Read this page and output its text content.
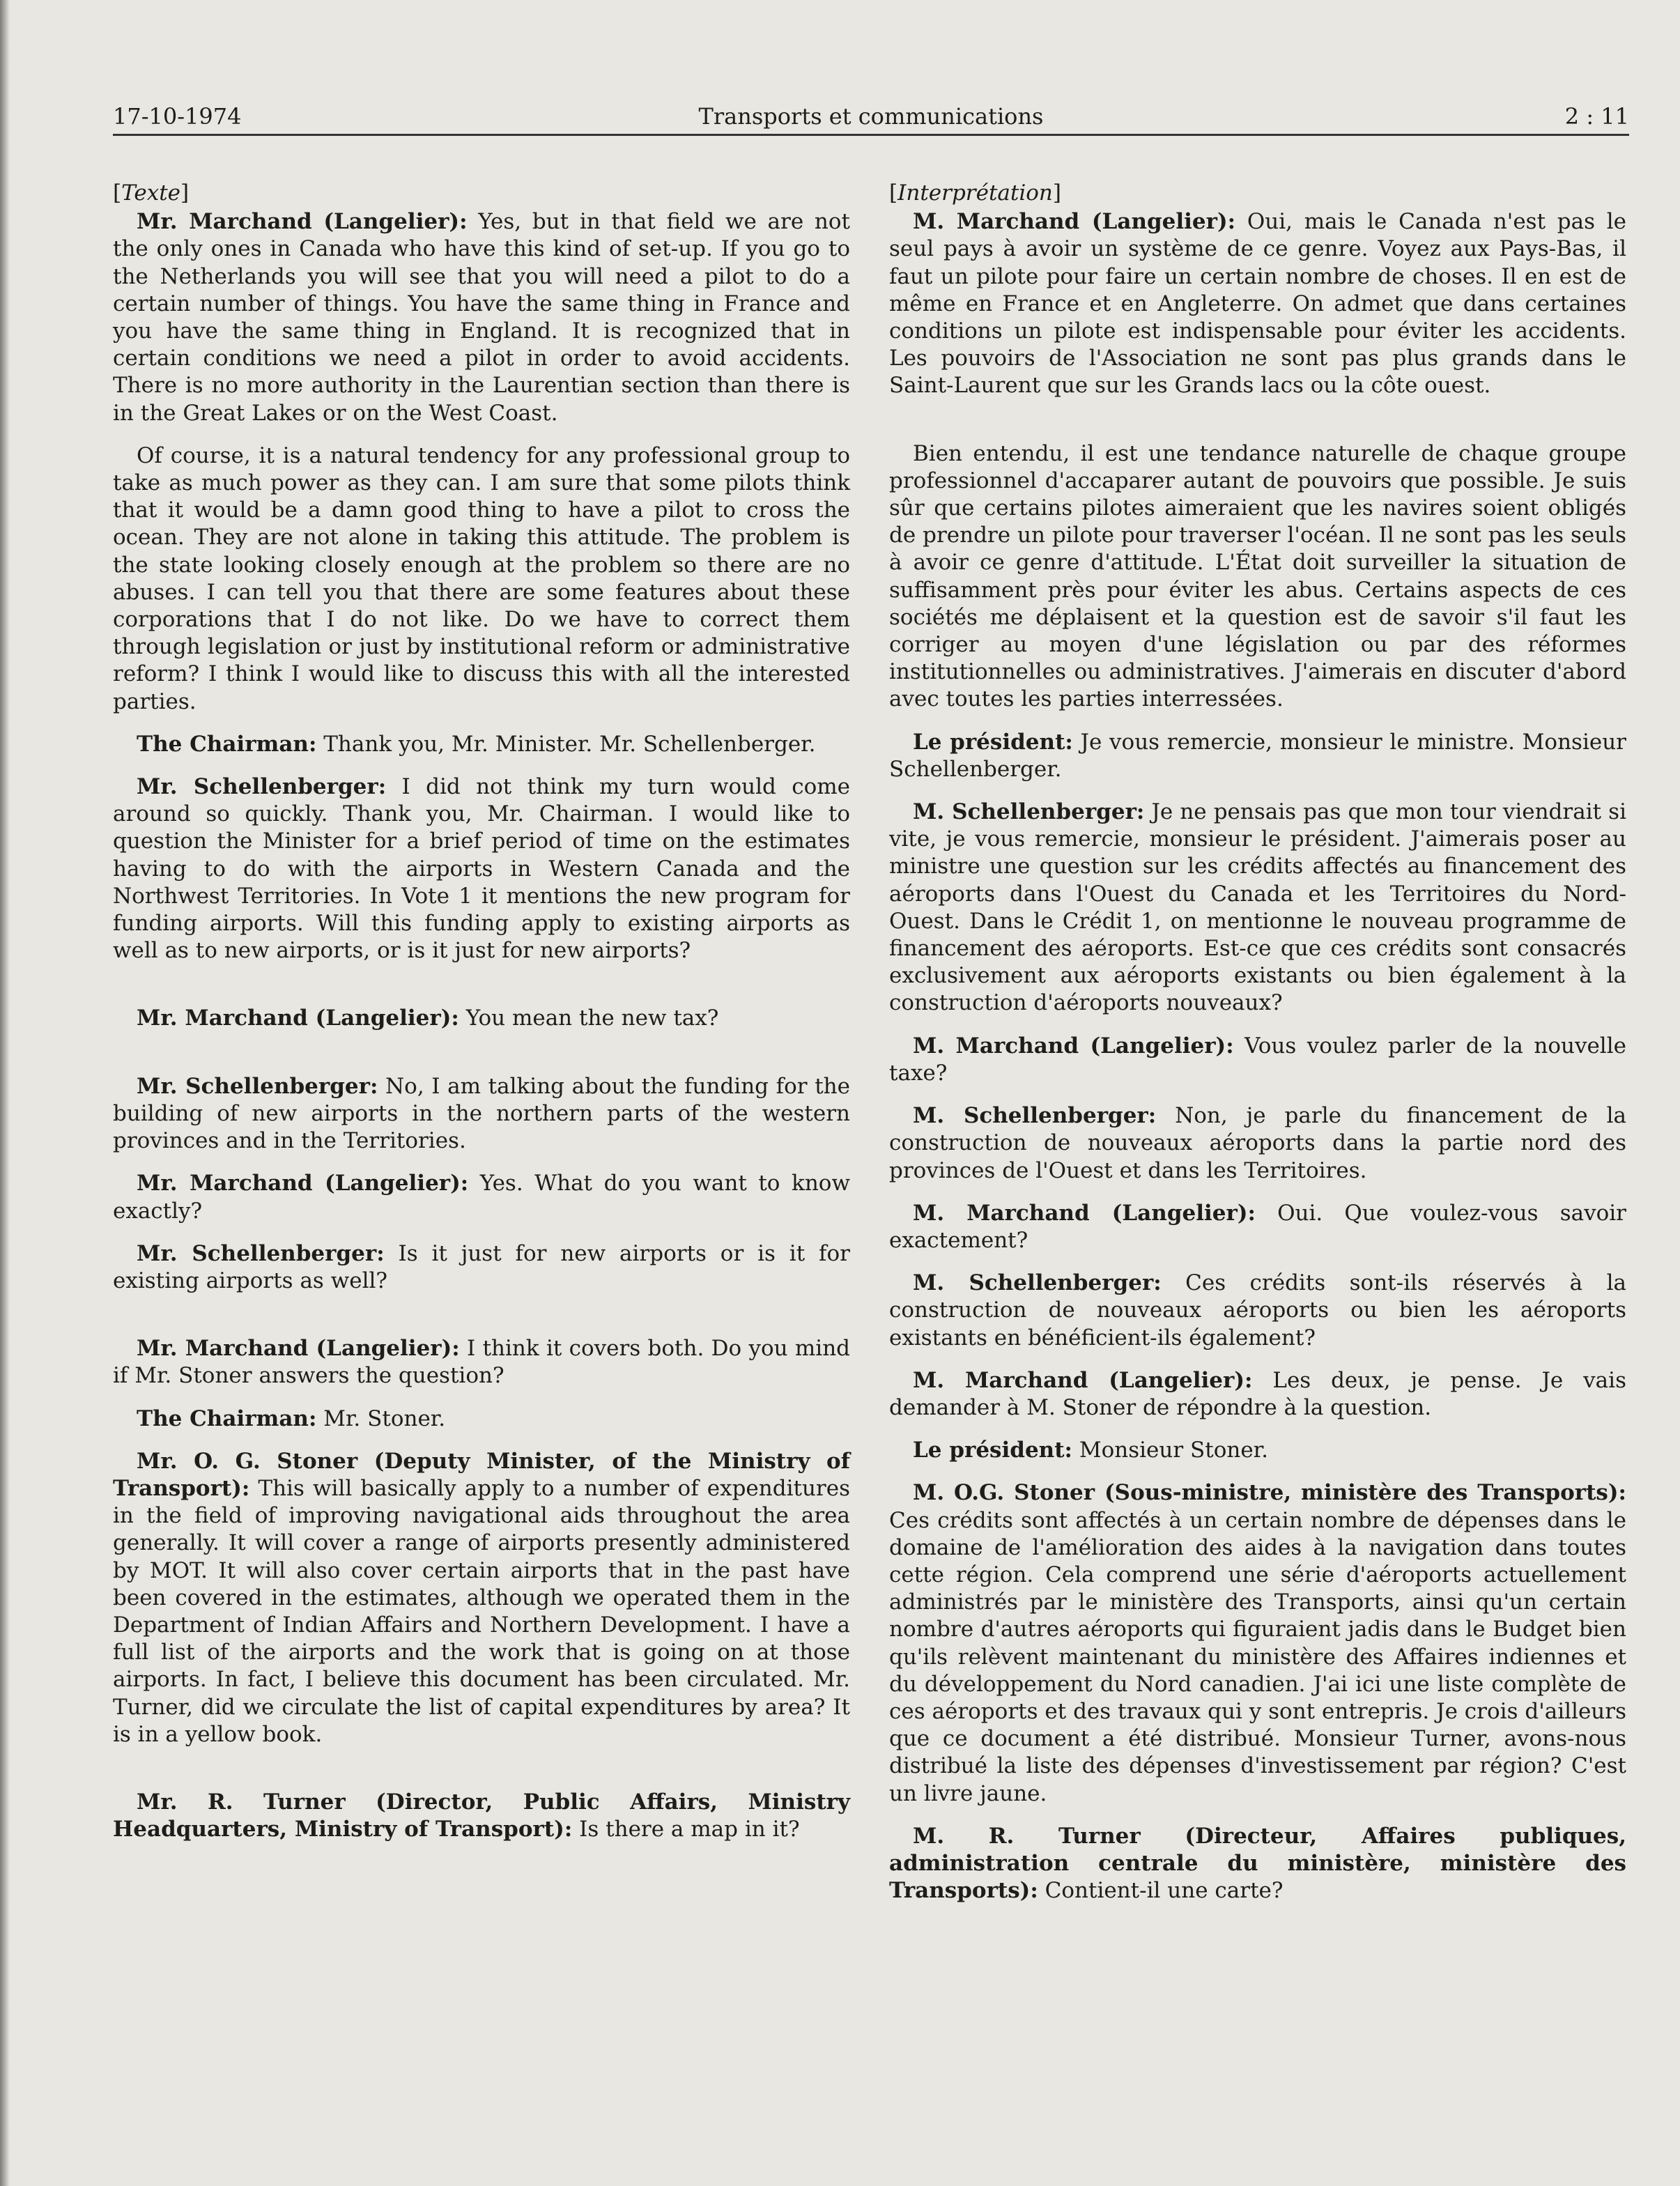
17-10-1974	Transports et communications	2 : 11
[Texte]

Mr. Marchand (Langelier): Yes, but in that field we are not the only ones in Canada who have this kind of set-up. If you go to the Netherlands you will see that you will need a pilot to do a certain number of things. You have the same thing in France and you have the same thing in England. It is recognized that in certain conditions we need a pilot in order to avoid accidents. There is no more authority in the Laurentian section than there is in the Great Lakes or on the West Coast.

Of course, it is a natural tendency for any professional group to take as much power as they can. I am sure that some pilots think that it would be a damn good thing to have a pilot to cross the ocean. They are not alone in taking this attitude. The problem is the state looking closely enough at the problem so there are no abuses. I can tell you that there are some features about these corporations that I do not like. Do we have to correct them through legislation or just by institutional reform or administrative reform? I think I would like to discuss this with all the interested parties.

The Chairman: Thank you, Mr. Minister. Mr. Schellenberger.

Mr. Schellenberger: I did not think my turn would come around so quickly. Thank you, Mr. Chairman. I would like to question the Minister for a brief period of time on the estimates having to do with the airports in Western Canada and the Northwest Territories. In Vote 1 it mentions the new program for funding airports. Will this funding apply to existing airports as well as to new airports, or is it just for new airports?

Mr. Marchand (Langelier): You mean the new tax?

Mr. Schellenberger: No, I am talking about the funding for the building of new airports in the northern parts of the western provinces and in the Territories.

Mr. Marchand (Langelier): Yes. What do you want to know exactly?

Mr. Schellenberger: Is it just for new airports or is it for existing airports as well?

Mr. Marchand (Langelier): I think it covers both. Do you mind if Mr. Stoner answers the question?

The Chairman: Mr. Stoner.

Mr. O. G. Stoner (Deputy Minister, of the Ministry of Transport): This will basically apply to a number of expenditures in the field of improving navigational aids throughout the area generally. It will cover a range of airports presently administered by MOT. It will also cover certain airports that in the past have been covered in the estimates, although we operated them in the Department of Indian Affairs and Northern Development. I have a full list of the airports and the work that is going on at those airports. In fact, I believe this document has been circulated. Mr. Turner, did we circulate the list of capital expenditures by area? It is in a yellow book.

Mr. R. Turner (Director, Public Affairs, Ministry Headquarters, Ministry of Transport): Is there a map in it?

[Interprétation]

M. Marchand (Langelier): Oui, mais le Canada n'est pas le seul pays à avoir un système de ce genre. Voyez aux Pays-Bas, il faut un pilote pour faire un certain nombre de choses. Il en est de même en France et en Angleterre. On admet que dans certaines conditions un pilote est indispensable pour éviter les accidents. Les pouvoirs de l'Association ne sont pas plus grands dans le Saint-Laurent que sur les Grands lacs ou la côte ouest.

Bien entendu, il est une tendance naturelle de chaque groupe professionnel d'accaparer autant de pouvoirs que possible. Je suis sûr que certains pilotes aimeraient que les navires soient obligés de prendre un pilote pour traverser l'océan. Il ne sont pas les seuls à avoir ce genre d'attitude. L'État doit surveiller la situation de suffisamment près pour éviter les abus. Certains aspects de ces sociétés me déplaisent et la question est de savoir s'il faut les corriger au moyen d'une législation ou par des réformes institutionnelles ou administratives. J'aimerais en discuter d'abord avec toutes les parties interressées.

Le président: Je vous remercie, monsieur le ministre. Monsieur Schellenberger.

M. Schellenberger: Je ne pensais pas que mon tour viendrait si vite, je vous remercie, monsieur le président. J'aimerais poser au ministre une question sur les crédits affectés au financement des aéroports dans l'Ouest du Canada et les Territoires du Nord-Ouest. Dans le Crédit 1, on mentionne le nouveau programme de financement des aéroports. Est-ce que ces crédits sont consacrés exclusivement aux aéroports existants ou bien également à la construction d'aéroports nouveaux?

M. Marchand (Langelier): Vous voulez parler de la nouvelle taxe?

M. Schellenberger: Non, je parle du financement de la construction de nouveaux aéroports dans la partie nord des provinces de l'Ouest et dans les Territoires.

M. Marchand (Langelier): Oui. Que voulez-vous savoir exactement?

M. Schellenberger: Ces crédits sont-ils réservés à la construction de nouveaux aéroports ou bien les aéroports existants en bénéficient-ils également?

M. Marchand (Langelier): Les deux, je pense. Je vais demander à M. Stoner de répondre à la question.

Le président: Monsieur Stoner.

M. O.G. Stoner (Sous-ministre, ministère des Transports): Ces crédits sont affectés à un certain nombre de dépenses dans le domaine de l'amélioration des aides à la navigation dans toutes cette région. Cela comprend une série d'aéroports actuellement administrés par le ministère des Transports, ainsi qu'un certain nombre d'autres aéroports qui figuraient jadis dans le Budget bien qu'ils relèvent maintenant du ministère des Affaires indiennes et du développement du Nord canadien. J'ai ici une liste complète de ces aéroports et des travaux qui y sont entrepris. Je crois d'ailleurs que ce document a été distribué. Monsieur Turner, avons-nous distribué la liste des dépenses d'investissement par région? C'est un livre jaune.

M. R. Turner (Directeur, Affaires publiques, administration centrale du ministère, ministère des Transports): Contient-il une carte?
